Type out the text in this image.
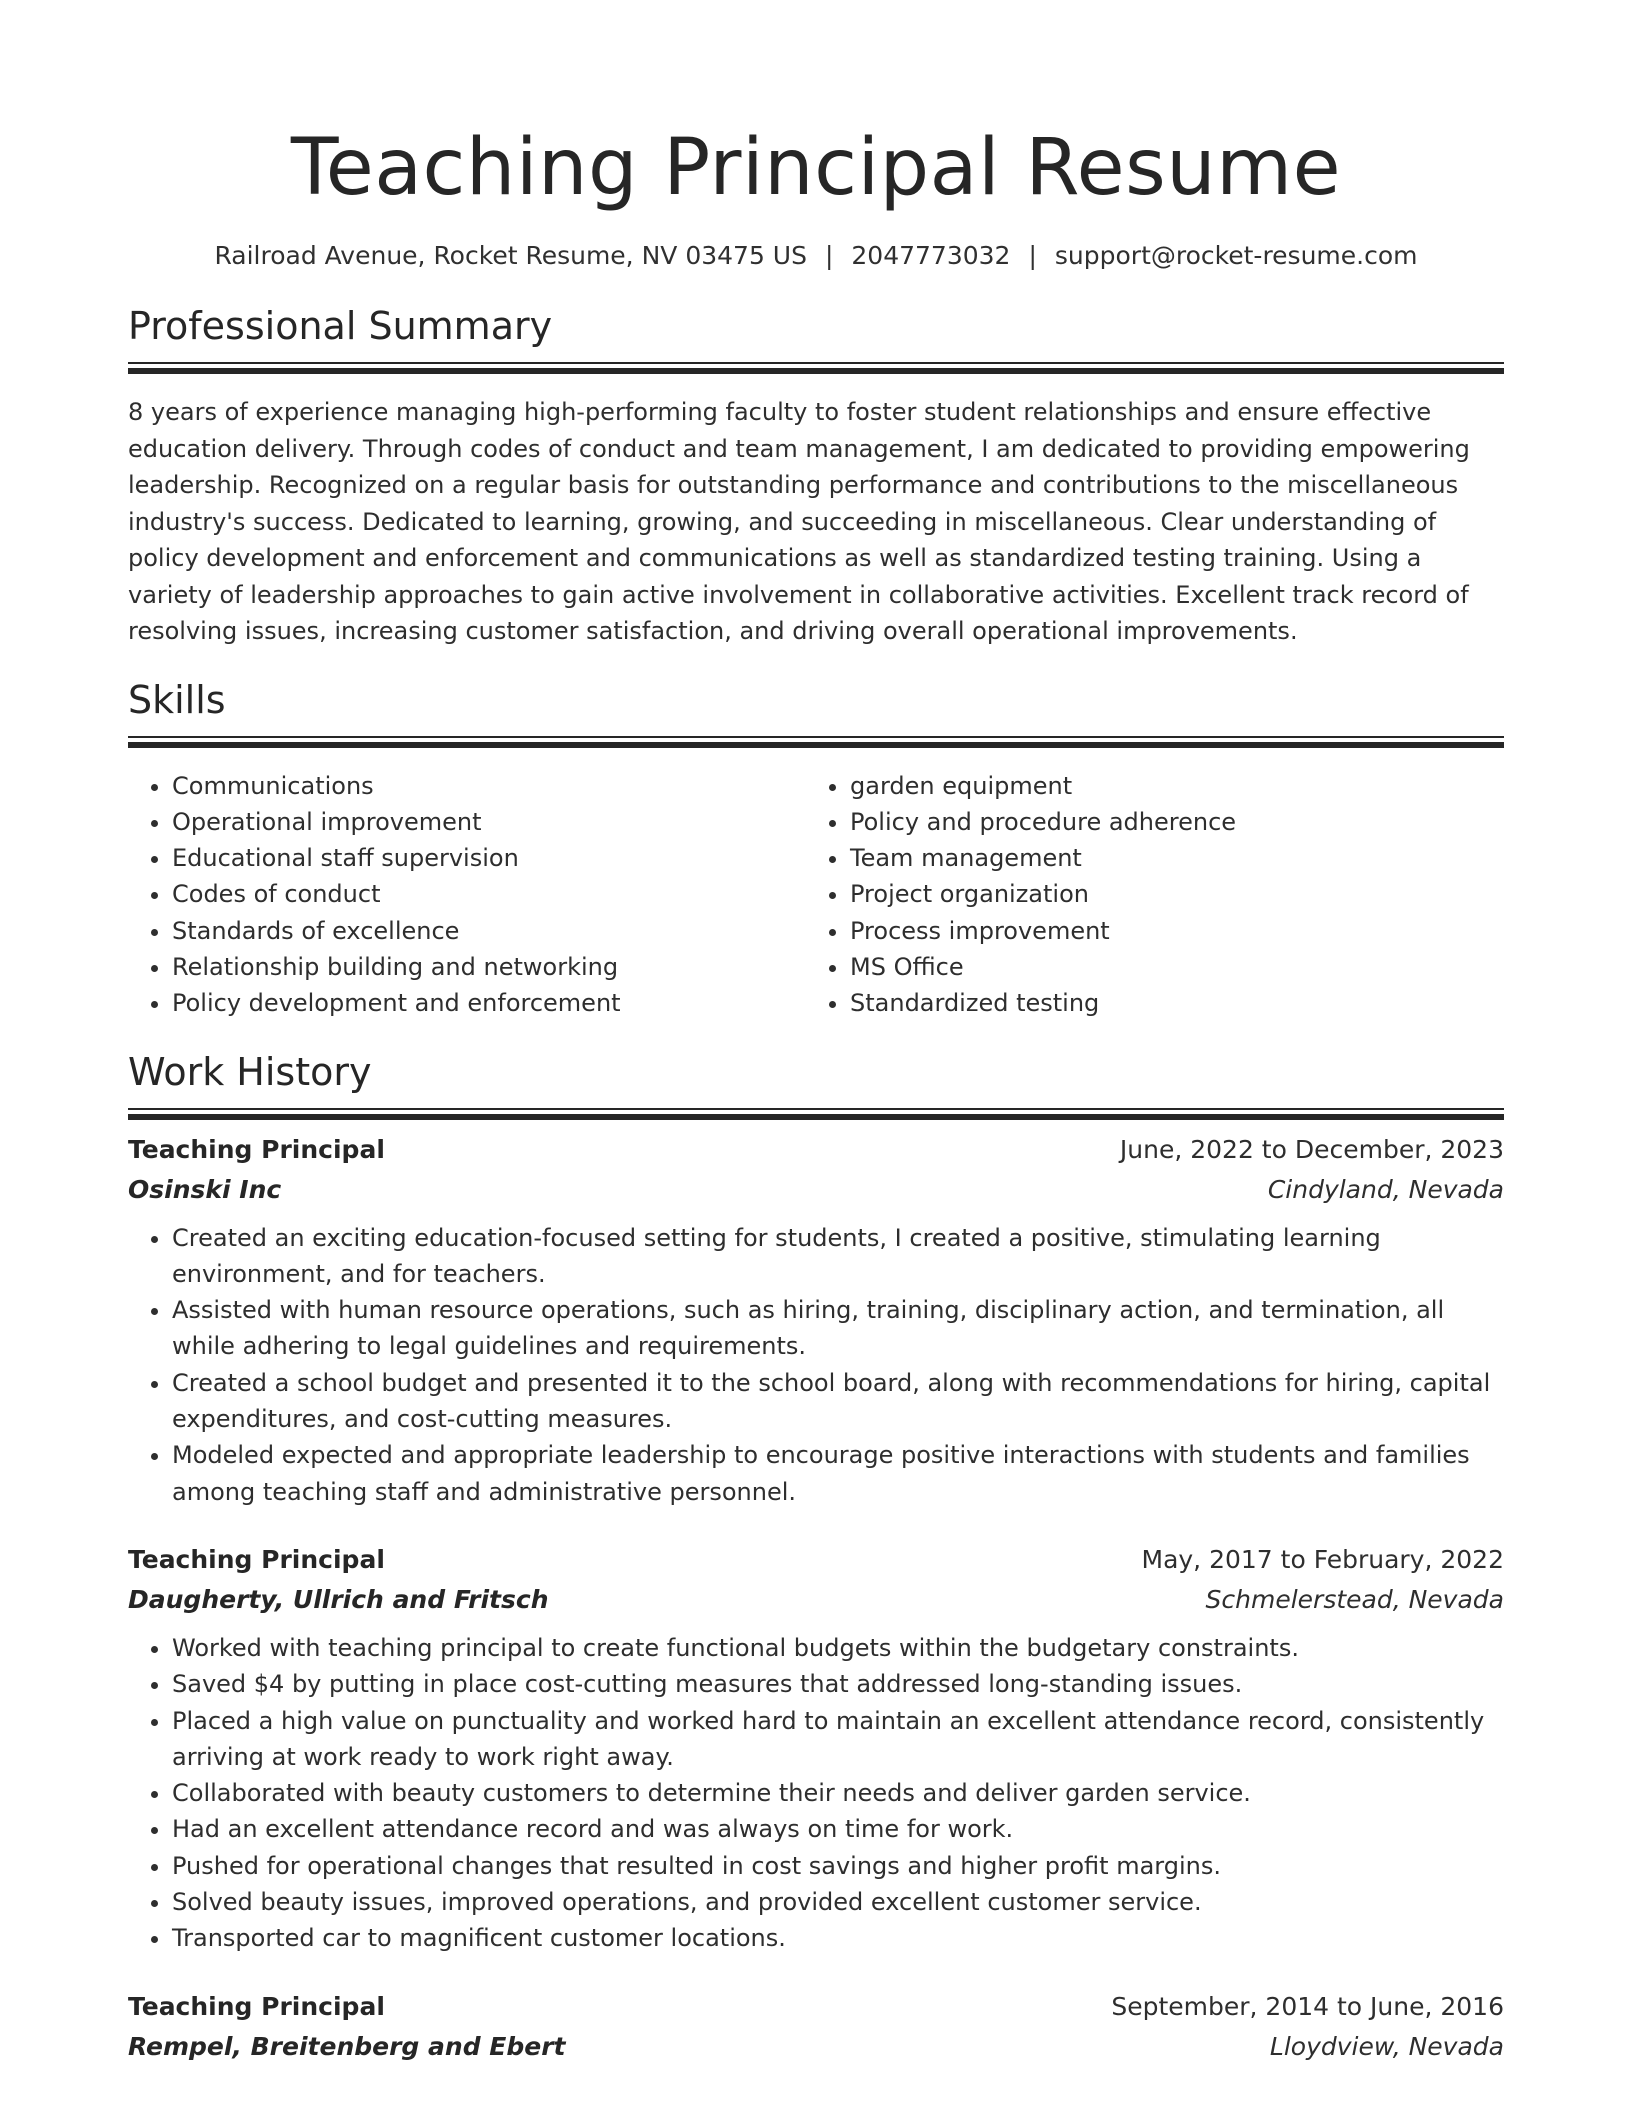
Teaching Principal Resume
Railroad Avenue, Rocket Resume, NV 03475 US | 2047773032 | support@rocket-resume.com
Professional Summary

8 years of experience managing high-performing faculty to foster student relationships and ensure effective education delivery. Through codes of conduct and team management, I am dedicated to providing empowering leadership. Recognized on a regular basis for outstanding performance and contributions to the miscellaneous industry's success. Dedicated to learning, growing, and succeeding in miscellaneous. Clear understanding of policy development and enforcement and communications as well as standardized testing training. Using a variety of leadership approaches to gain active involvement in collaborative activities. Excellent track record of resolving issues, increasing customer satisfaction, and driving overall operational improvements.

Skills
• Communications
• Operational improvement
• Educational staff supervision
• Codes of conduct
• Standards of excellence
• Relationship building and networking
• Policy development and enforcement
• garden equipment
• Policy and procedure adherence
• Team management
• Project organization
• Process improvement
• MS Office
• Standardized testing
Work History
Teaching Principal	June, 2022 to December, 2023
Osinski Inc	Cindyland, Nevada
• Created an exciting education-focused setting for students, I created a positive, stimulating learning environment, and for teachers.
• Assisted with human resource operations, such as hiring, training, disciplinary action, and termination, all while adhering to legal guidelines and requirements.
• Created a school budget and presented it to the school board, along with recommendations for hiring, capital expenditures, and cost-cutting measures.
• Modeled expected and appropriate leadership to encourage positive interactions with students and families among teaching staff and administrative personnel.
Teaching Principal	May, 2017 to February, 2022
Daugherty, Ullrich and Fritsch	Schmelerstead, Nevada
• Worked with teaching principal to create functional budgets within the budgetary constraints.
• Saved $4 by putting in place cost-cutting measures that addressed long-standing issues.
• Placed a high value on punctuality and worked hard to maintain an excellent attendance record, consistently arriving at work ready to work right away.
• Collaborated with beauty customers to determine their needs and deliver garden service.
• Had an excellent attendance record and was always on time for work.
• Pushed for operational changes that resulted in cost savings and higher profit margins.
• Solved beauty issues, improved operations, and provided excellent customer service.
• Transported car to magnificent customer locations.
Teaching Principal	September, 2014 to June, 2016
Rempel, Breitenberg and Ebert	Lloydview, Nevada
